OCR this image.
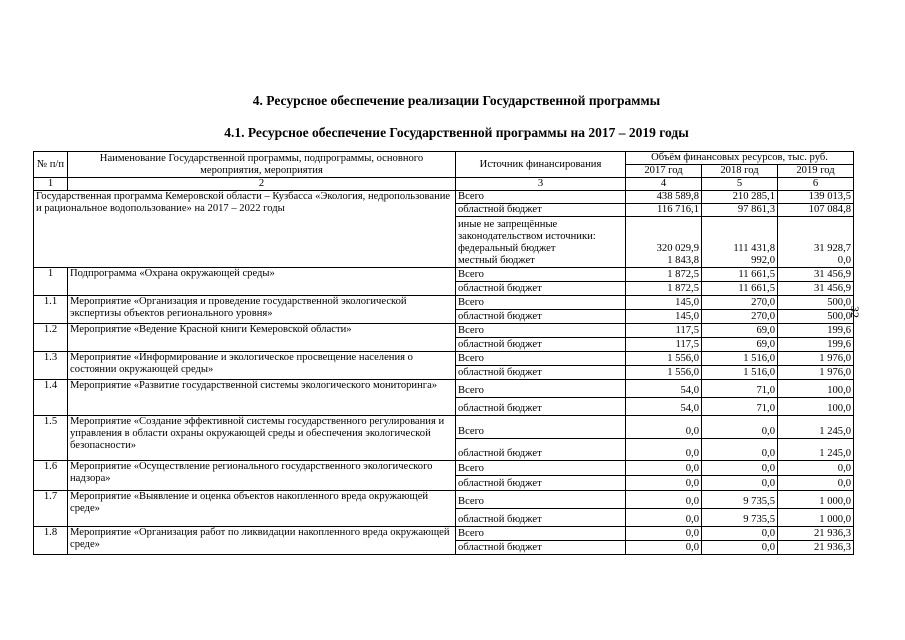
4. Ресурсное обеспечение реализации Государственной программы
4.1. Ресурсное обеспечение Государственной программы на 2017 – 2019 годы
32
№ п/п	Наименование Государственной программы, подпрограммы, основного мероприятия, мероприятия	Источник финансирования	Объём финансовых ресурсов, тыс. руб.		
			2017 год	2018 год	2019 год
1	2	3	4	5	6
Государственная программа Кемеровской области – Кузбасса «Экология, недропользование и рациональное водопользование» на 2017 – 2022 годы		Всего	438 589,8	210 285,1	139 013,5
		областной бюджет	116 716,1	97 861,3	107 084,8
		иные не запрещённые законодательством источники:			
		федеральный бюджет	320 029,9	111 431,8	31 928,7
		местный бюджет	1 843,8	992,0	0,0
1	Подпрограмма «Охрана окружающей среды»	Всего	1 872,5	11 661,5	31 456,9
		областной бюджет	1 872,5	11 661,5	31 456,9
1.1	Мероприятие «Организация и проведение государственной экологической экспертизы объектов регионального уровня»	Всего	145,0	270,0	500,0
		областной бюджет	145,0	270,0	500,0
1.2	Мероприятие «Ведение Красной книги Кемеровской области»	Всего	117,5	69,0	199,6
		областной бюджет	117,5	69,0	199,6
1.3	Мероприятие «Информирование и экологическое просвещение населения о состоянии окружающей среды»	Всего	1 556,0	1 516,0	1 976,0
		областной бюджет	1 556,0	1 516,0	1 976,0
1.4	Мероприятие «Развитие государственной системы экологического мониторинга»	Всего	54,0	71,0	100,0
		областной бюджет	54,0	71,0	100,0
1.5	Мероприятие «Создание эффективной системы государственного регулирования и управления в области охраны окружающей среды и обеспечения экологической безопасности»	Всего	0,0	0,0	1 245,0
		областной бюджет	0,0	0,0	1 245,0
1.6	Мероприятие «Осуществление регионального государственного экологического надзора»	Всего	0,0	0,0	0,0
		областной бюджет	0,0	0,0	0,0
1.7	Мероприятие «Выявление и оценка объектов накопленного вреда окружающей среде»	Всего	0,0	9 735,5	1 000,0
		областной бюджет	0,0	9 735,5	1 000,0
1.8	Мероприятие «Организация работ по ликвидации накопленного вреда окружающей среде»	Всего	0,0	0,0	21 936,3
		областной бюджет	0,0	0,0	21 936,3
